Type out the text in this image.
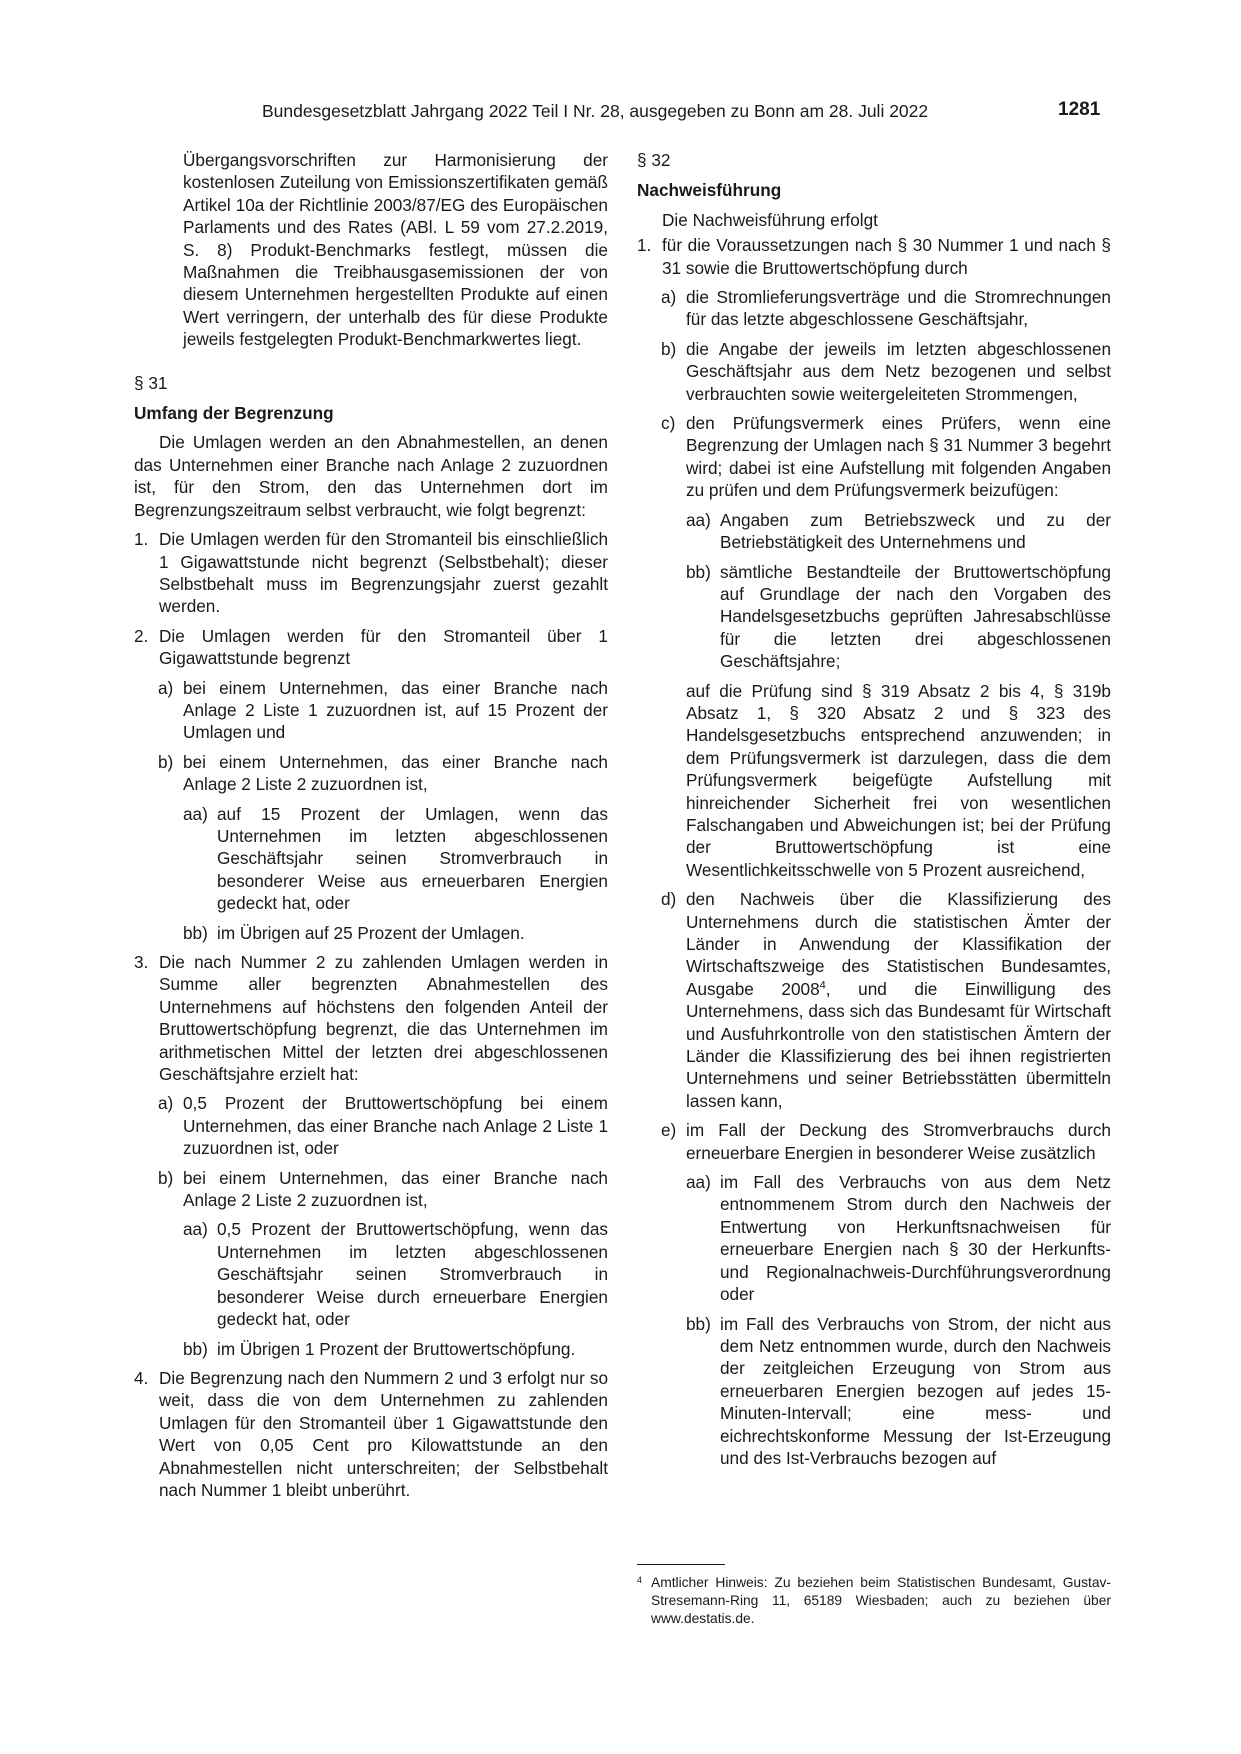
Bundesgesetzblatt Jahrgang 2022 Teil I Nr. 28, ausgegeben zu Bonn am 28. Juli 2022	1281

Übergangsvorschriften zur Harmonisierung der kostenlosen Zuteilung von Emissionszertifikaten gemäß Artikel 10a der Richtlinie 2003/87/EG des Europäischen Parlaments und des Rates (ABl. L 59 vom 27.2.2019, S. 8) Produkt-Benchmarks festlegt, müssen die Maßnahmen die Treibhausgasemissionen der von diesem Unternehmen hergestellten Produkte auf einen Wert verringern, der unterhalb des für diese Produkte jeweils festgelegten Produkt-Benchmarkwertes liegt.

§ 31

Umfang der Begrenzung

Die Umlagen werden an den Abnahmestellen, an denen das Unternehmen einer Branche nach Anlage 2 zuzuordnen ist, für den Strom, den das Unternehmen dort im Begrenzungszeitraum selbst verbraucht, wie folgt begrenzt:

1. Die Umlagen werden für den Stromanteil bis einschließlich 1 Gigawattstunde nicht begrenzt (Selbstbehalt); dieser Selbstbehalt muss im Begrenzungsjahr zuerst gezahlt werden.
2. Die Umlagen werden für den Stromanteil über 1 Gigawattstunde begrenzt
a) bei einem Unternehmen, das einer Branche nach Anlage 2 Liste 1 zuzuordnen ist, auf 15 Prozent der Umlagen und
b) bei einem Unternehmen, das einer Branche nach Anlage 2 Liste 2 zuzuordnen ist,
aa) auf 15 Prozent der Umlagen, wenn das Unternehmen im letzten abgeschlossenen Geschäftsjahr seinen Stromverbrauch in besonderer Weise aus erneuerbaren Energien gedeckt hat, oder
bb) im Übrigen auf 25 Prozent der Umlagen.
3. Die nach Nummer 2 zu zahlenden Umlagen werden in Summe aller begrenzten Abnahmestellen des Unternehmens auf höchstens den folgenden Anteil der Bruttowertschöpfung begrenzt, die das Unternehmen im arithmetischen Mittel der letzten drei abgeschlossenen Geschäftsjahre erzielt hat:
a) 0,5 Prozent der Bruttowertschöpfung bei einem Unternehmen, das einer Branche nach Anlage 2 Liste 1 zuzuordnen ist, oder
b) bei einem Unternehmen, das einer Branche nach Anlage 2 Liste 2 zuzuordnen ist,
aa) 0,5 Prozent der Bruttowertschöpfung, wenn das Unternehmen im letzten abgeschlossenen Geschäftsjahr seinen Stromverbrauch in besonderer Weise durch erneuerbare Energien gedeckt hat, oder
bb) im Übrigen 1 Prozent der Bruttowertschöpfung.
4. Die Begrenzung nach den Nummern 2 und 3 erfolgt nur so weit, dass die von dem Unternehmen zu zahlenden Umlagen für den Stromanteil über 1 Gigawattstunde den Wert von 0,05 Cent pro Kilowattstunde an den Abnahmestellen nicht unterschreiten; der Selbstbehalt nach Nummer 1 bleibt unberührt.

§ 32

Nachweisführung

Die Nachweisführung erfolgt

1. für die Voraussetzungen nach § 30 Nummer 1 und nach § 31 sowie die Bruttowertschöpfung durch
a) die Stromlieferungsverträge und die Stromrechnungen für das letzte abgeschlossene Geschäftsjahr,
b) die Angabe der jeweils im letzten abgeschlossenen Geschäftsjahr aus dem Netz bezogenen und selbst verbrauchten sowie weitergeleiteten Strommengen,
c) den Prüfungsvermerk eines Prüfers, wenn eine Begrenzung der Umlagen nach § 31 Nummer 3 begehrt wird; dabei ist eine Aufstellung mit folgenden Angaben zu prüfen und dem Prüfungsvermerk beizufügen:
aa) Angaben zum Betriebszweck und zu der Betriebstätigkeit des Unternehmens und
bb) sämtliche Bestandteile der Bruttowertschöpfung auf Grundlage der nach den Vorgaben des Handelsgesetzbuchs geprüften Jahresabschlüsse für die letzten drei abgeschlossenen Geschäftsjahre;

auf die Prüfung sind § 319 Absatz 2 bis 4, § 319b Absatz 1, § 320 Absatz 2 und § 323 des Handelsgesetzbuchs entsprechend anzuwenden; in dem Prüfungsvermerk ist darzulegen, dass die dem Prüfungsvermerk beigefügte Aufstellung mit hinreichender Sicherheit frei von wesentlichen Falschangaben und Abweichungen ist; bei der Prüfung der Bruttowertschöpfung ist eine Wesentlichkeitsschwelle von 5 Prozent ausreichend,

d) den Nachweis über die Klassifizierung des Unternehmens durch die statistischen Ämter der Länder in Anwendung der Klassifikation der Wirtschaftszweige des Statistischen Bundesamtes, Ausgabe 2008$^4$, und die Einwilligung des Unternehmens, dass sich das Bundesamt für Wirtschaft und Ausfuhrkontrolle von den statistischen Ämtern der Länder die Klassifizierung des bei ihnen registrierten Unternehmens und seiner Betriebsstätten übermitteln lassen kann,
e) im Fall der Deckung des Stromverbrauchs durch erneuerbare Energien in besonderer Weise zusätzlich
aa) im Fall des Verbrauchs von aus dem Netz entnommenem Strom durch den Nachweis der Entwertung von Herkunftsnachweisen für erneuerbare Energien nach § 30 der Herkunfts- und Regionalnachweis-Durchführungsverordnung oder
bb) im Fall des Verbrauchs von Strom, der nicht aus dem Netz entnommen wurde, durch den Nachweis der zeitgleichen Erzeugung von Strom aus erneuerbaren Energien bezogen auf jedes 15-Minuten-Intervall; eine mess- und eichrechtskonforme Messung der Ist-Erzeugung und des Ist-Verbrauchs bezogen auf
4 Amtlicher Hinweis: Zu beziehen beim Statistischen Bundesamt, Gustav-Stresemann-Ring 11, 65189 Wiesbaden; auch zu beziehen über www.destatis.de.
